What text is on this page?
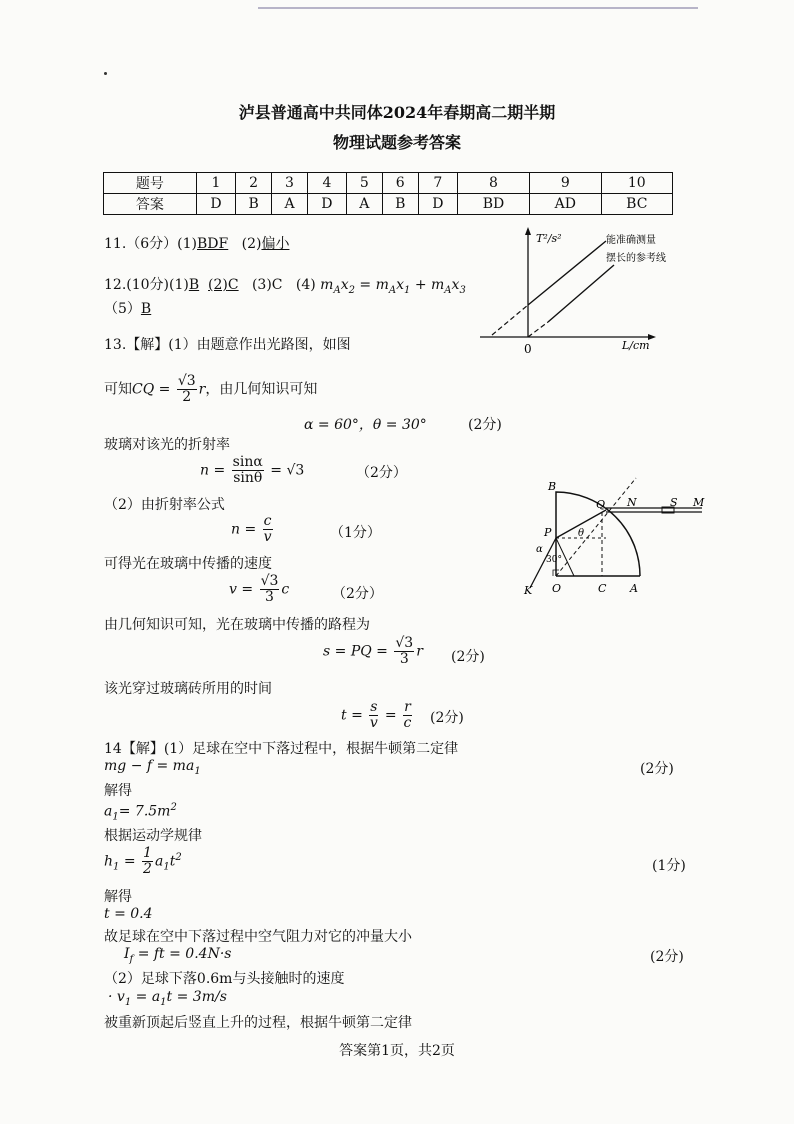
泸县普通高中共同体2024年春期高二期半期
物理试题参考答案
题号	1	2	3	4	5	6	7	8	9	10
答案	D	B	A	D	A	B	D	BD	AD	BC
11.（6分）(1)BDF (2)偏小
12.(10分)(1)B (2)C (3)C (4) $m_Ax_2 = m_Ax_1 + m_Ax_3$
（5）B
T²/s²
L/cm
0
能准确测量
摆长的参考线
13.【解】(1）由题意作出光路图，如图
可知CQ = $\frac{√3}{2}$ r，由几何知识可知
α = 60°，θ = 30°	(2分)
玻璃对该光的折射率
$n = \frac{\sin\alpha}{\sin\theta} = √3$	（2分）
（2）由折射率公式
$n = \frac{c}{v}$	（1分）
可得光在玻璃中传播的速度
$v = \frac{√3}{3}$ c	（2分）
由几何知识可知，光在玻璃中传播的路程为
s = PQ = $\frac{√3}{3}$ r (2分)
该光穿过玻璃砖所用的时间
$t = \frac{s}{v} = \frac{r}{c} (2$分)
B
Q N	S M
P	θ
α
30°
K O	C A
14【解】(1）足球在空中下落过程中，根据牛顿第二定律
mg − $f = ma_1$	(2分)
解得
$a_1= 7.5m^2$
根据运动学规律
$h_1 = \frac{1}{2} a_1t^2$
(1分)
解得
t = 0.4
故足球在空中下落过程中空气阻力对它的冲量大小
$I_f$ = ft = 0.4N·s	(2分)
（2）足球下落0.6m与头接触时的速度
· $v_1 = a_1t = 3m/s$
被重新顶起后竖直上升的过程，根据牛顿第二定律
答案第1页，共2页
